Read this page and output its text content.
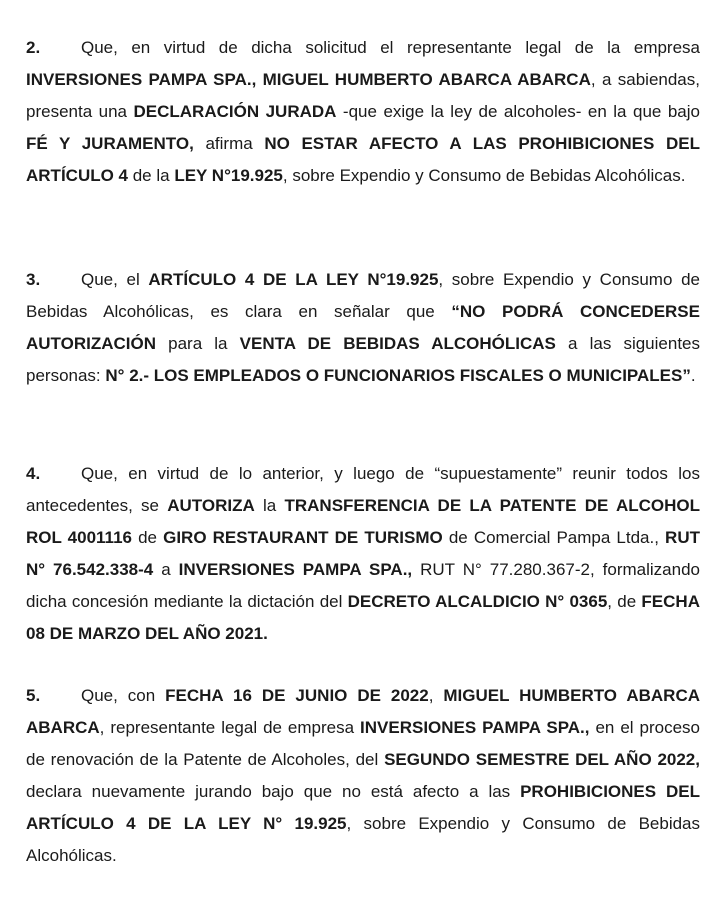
2. Que, en virtud de dicha solicitud el representante legal de la empresa INVERSIONES PAMPA SPA., MIGUEL HUMBERTO ABARCA ABARCA, a sabiendas, presenta una DECLARACIÓN JURADA -que exige la ley de alcoholes- en la que bajo FÉ Y JURAMENTO, afirma NO ESTAR AFECTO A LAS PROHIBICIONES DEL ARTÍCULO 4 de la LEY N°19.925, sobre Expendio y Consumo de Bebidas Alcohólicas.

3. Que, el ARTÍCULO 4 DE LA LEY N°19.925, sobre Expendio y Consumo de Bebidas Alcohólicas, es clara en señalar que “NO PODRÁ CONCEDERSE AUTORIZACIÓN para la VENTA DE BEBIDAS ALCOHÓLICAS a las siguientes personas: N° 2.- LOS EMPLEADOS O FUNCIONARIOS FISCALES O MUNICIPALES”.

4. Que, en virtud de lo anterior, y luego de “supuestamente” reunir todos los antecedentes, se AUTORIZA la TRANSFERENCIA DE LA PATENTE DE ALCOHOL ROL 4001116 de GIRO RESTAURANT DE TURISMO de Comercial Pampa Ltda., RUT N° 76.542.338-4 a INVERSIONES PAMPA SPA., RUT N° 77.280.367-2, formalizando dicha concesión mediante la dictación del DECRETO ALCALDICIO N° 0365, de FECHA 08 DE MARZO DEL AÑO 2021.

5. Que, con FECHA 16 DE JUNIO DE 2022, MIGUEL HUMBERTO ABARCA ABARCA, representante legal de empresa INVERSIONES PAMPA SPA., en el proceso de renovación de la Patente de Alcoholes, del SEGUNDO SEMESTRE DEL AÑO 2022, declara nuevamente jurando bajo que no está afecto a las PROHIBICIONES DEL ARTÍCULO 4 DE LA LEY N° 19.925, sobre Expendio y Consumo de Bebidas Alcohólicas.
